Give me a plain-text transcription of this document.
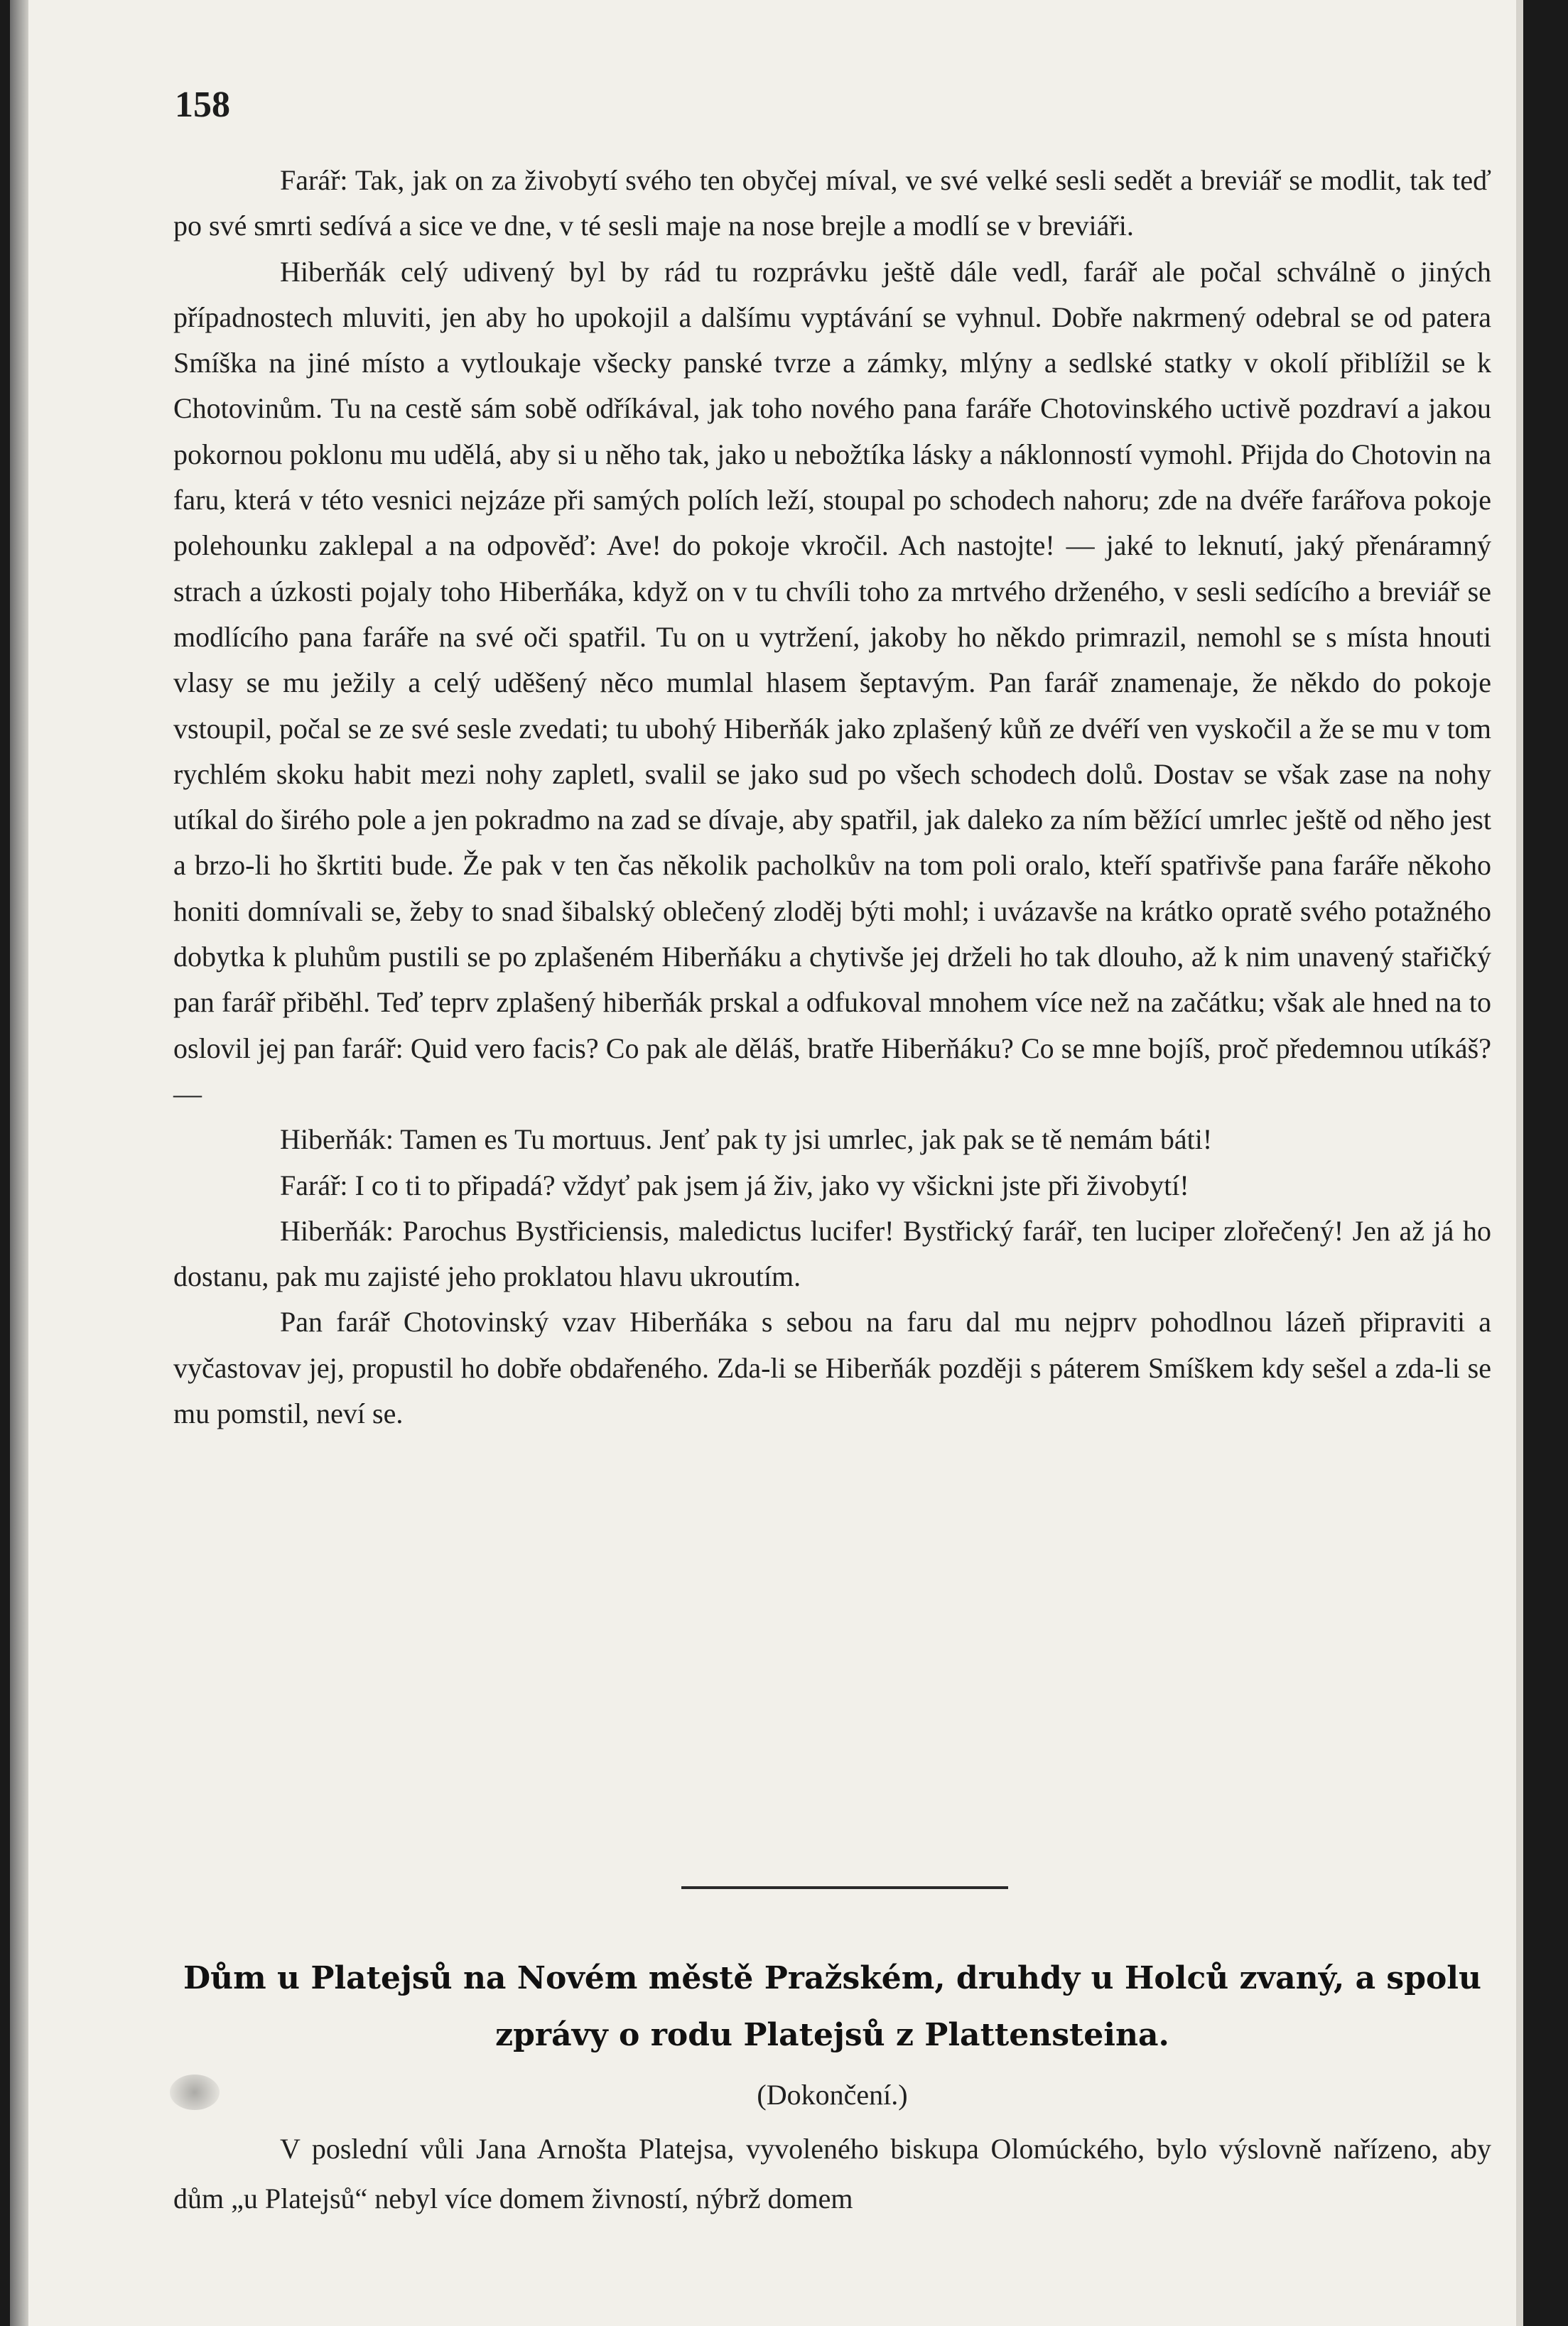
158

Farář: Tak, jak on za živobytí svého ten obyčej míval, ve své velké sesli sedět a breviář se modlit, tak teď po své smrti sedívá a sice ve dne, v té sesli maje na nose brejle a modlí se v breviáři.

Hiberňák celý udivený byl by rád tu rozprávku ještě dále vedl, farář ale počal schválně o jiných případnostech mluviti, jen aby ho upokojil a dalšímu vyptávání se vyhnul. Dobře nakrmený odebral se od patera Smíška na jiné místo a vytloukaje všecky panské tvrze a zámky, mlýny a sedlské statky v okolí přiblížil se k Chotovinům. Tu na cestě sám sobě odříkával, jak toho nového pana faráře Chotovinského uctivě pozdraví a jakou pokornou poklonu mu udělá, aby si u něho tak, jako u nebožtíka lásky a náklonností vymohl. Přijda do Chotovin na faru, která v této vesnici nejzáze při samých polích leží, stoupal po schodech nahoru; zde na dvéře farářova pokoje polehounku zaklepal a na odpověď: Ave! do pokoje vkročil. Ach nastojte! — jaké to leknutí, jaký přenáramný strach a úzkosti pojaly toho Hiberňáka, když on v tu chvíli toho za mrtvého drženého, v sesli sedícího a breviář se modlícího pana faráře na své oči spatřil. Tu on u vytržení, jakoby ho někdo primrazil, nemohl se s místa hnouti vlasy se mu ježily a celý uděšený něco mumlal hlasem šeptavým. Pan farář znamenaje, že někdo do pokoje vstoupil, počal se ze své sesle zvedati; tu ubohý Hiberňák jako zplašený kůň ze dvéří ven vyskočil a že se mu v tom rychlém skoku habit mezi nohy zapletl, svalil se jako sud po všech schodech dolů. Dostav se však zase na nohy utíkal do širého pole a jen pokradmo na zad se dívaje, aby spatřil, jak daleko za ním běžící umrlec ještě od něho jest a brzo-li ho škrtiti bude. Že pak v ten čas několik pacholkův na tom poli oralo, kteří spatřivše pana faráře někoho honiti domnívali se, žeby to snad šibalský oblečený zloděj býti mohl; i uvázavše na krátko opratě svého potažného dobytka k pluhům pustili se po zplašeném Hiberňáku a chytivše jej drželi ho tak dlouho, až k nim unavený stařičký pan farář přiběhl. Teď teprv zplašený hiberňák prskal a odfukoval mnohem více než na začátku; však ale hned na to oslovil jej pan farář: Quid vero facis? Co pak ale děláš, bratře Hiberňáku? Co se mne bojíš, proč předemnou utíkáš? —

Hiberňák: Tamen es Tu mortuus. Jenť pak ty jsi umrlec, jak pak se tě nemám báti!

Farář: I co ti to připadá? vždyť pak jsem já živ, jako vy všickni jste při živobytí!

Hiberňák: Parochus Bystřiciensis, maledictus lucifer! Bystřický farář, ten luciper zlořečený! Jen až já ho dostanu, pak mu zajisté jeho proklatou hlavu ukroutím.

Pan farář Chotovinský vzav Hiberňáka s sebou na faru dal mu nejprv pohodlnou lázeň připraviti a vyčastovav jej, propustil ho dobře obdařeného. Zda-li se Hiberňák později s páterem Smíškem kdy sešel a zda-li se mu pomstil, neví se.

Dům u Platejsů na Novém městě Pražském, druhdy u Holců zvaný, a spolu
zprávy o rodu Platejsů z Plattensteina.
(Dokončení.)

V poslední vůli Jana Arnošta Platejsa, vyvoleného biskupa Olomúckého, bylo výslovně nařízeno, aby dům „u Platejsů“ nebyl více domem živností, nýbrž domem
